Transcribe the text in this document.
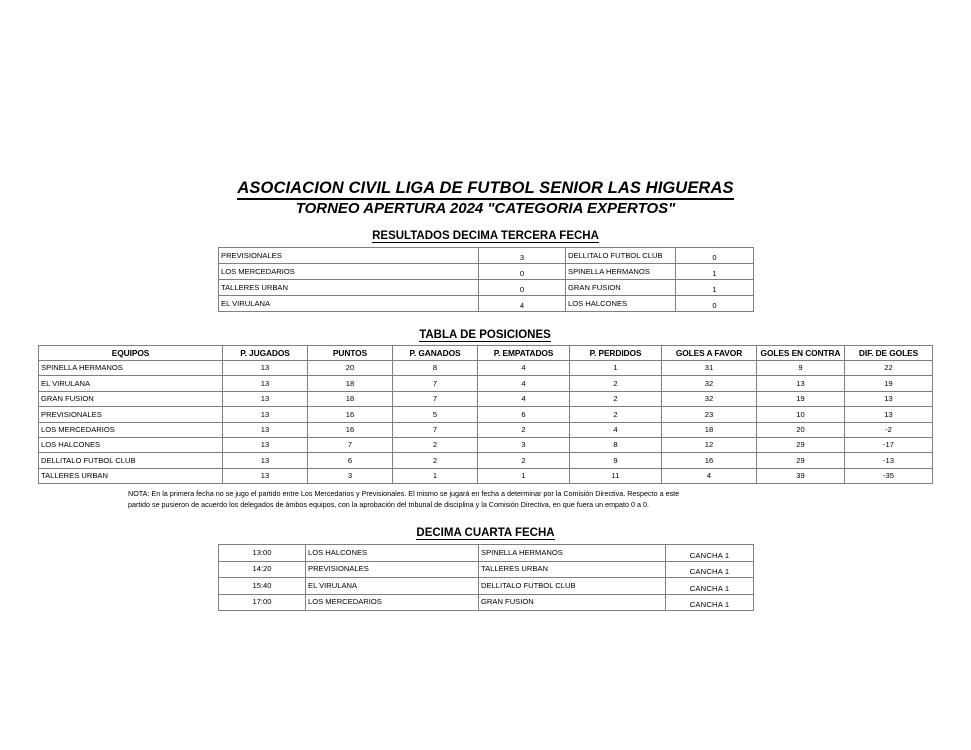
ASOCIACION CIVIL LIGA DE FUTBOL SENIOR LAS HIGUERAS
TORNEO APERTURA 2024 "CATEGORIA EXPERTOS"
RESULTADOS DECIMA TERCERA FECHA
PREVISIONALES	3	DELLITALO FUTBOL CLUB	0
LOS MERCEDARIOS	0	SPINELLA HERMANOS	1
TALLERES URBAN	0	GRAN FUSION	1
EL VIRULANA	4	LOS HALCONES	0
TABLA DE POSICIONES
EQUIPOS	P. JUGADOS	PUNTOS	P. GANADOS	P. EMPATADOS	P. PERDIDOS	GOLES A FAVOR	GOLES EN CONTRA	DIF. DE GOLES
SPINELLA HERMANOS	13	20	8	4	1	31	9	22
EL VIRULANA	13	18	7	4	2	32	13	19
GRAN FUSION	13	18	7	4	2	32	19	13
PREVISIONALES	13	16	5	6	2	23	10	13
LOS MERCEDARIOS	13	16	7	2	4	18	20	-2
LOS HALCONES	13	7	2	3	8	12	29	-17
DELLITALO FUTBOL CLUB	13	6	2	2	9	16	29	-13
TALLERES URBAN	13	3	1	1	11	4	39	-35
NOTA: En la primera fecha no se jugo el partido entre Los Mercedarios y Previsionales. El mismo se jugará en fecha a determinar por la Comisión Directiva. Respecto a este
partido se pusieron de acuerdo los delegados de ámbos equipos, con la aprobación del tribunal de disciplina y la Comisión Directiva, en que fuera un empato 0 a 0.
DECIMA CUARTA FECHA
13:00	LOS HALCONES	SPINELLA HERMANOS	CANCHA 1
14:20	PREVISIONALES	TALLERES URBAN	CANCHA 1
15:40	EL VIRULANA	DELLITALO FUTBOL CLUB	CANCHA 1
17:00	LOS MERCEDARIOS	GRAN FUSION	CANCHA 1
